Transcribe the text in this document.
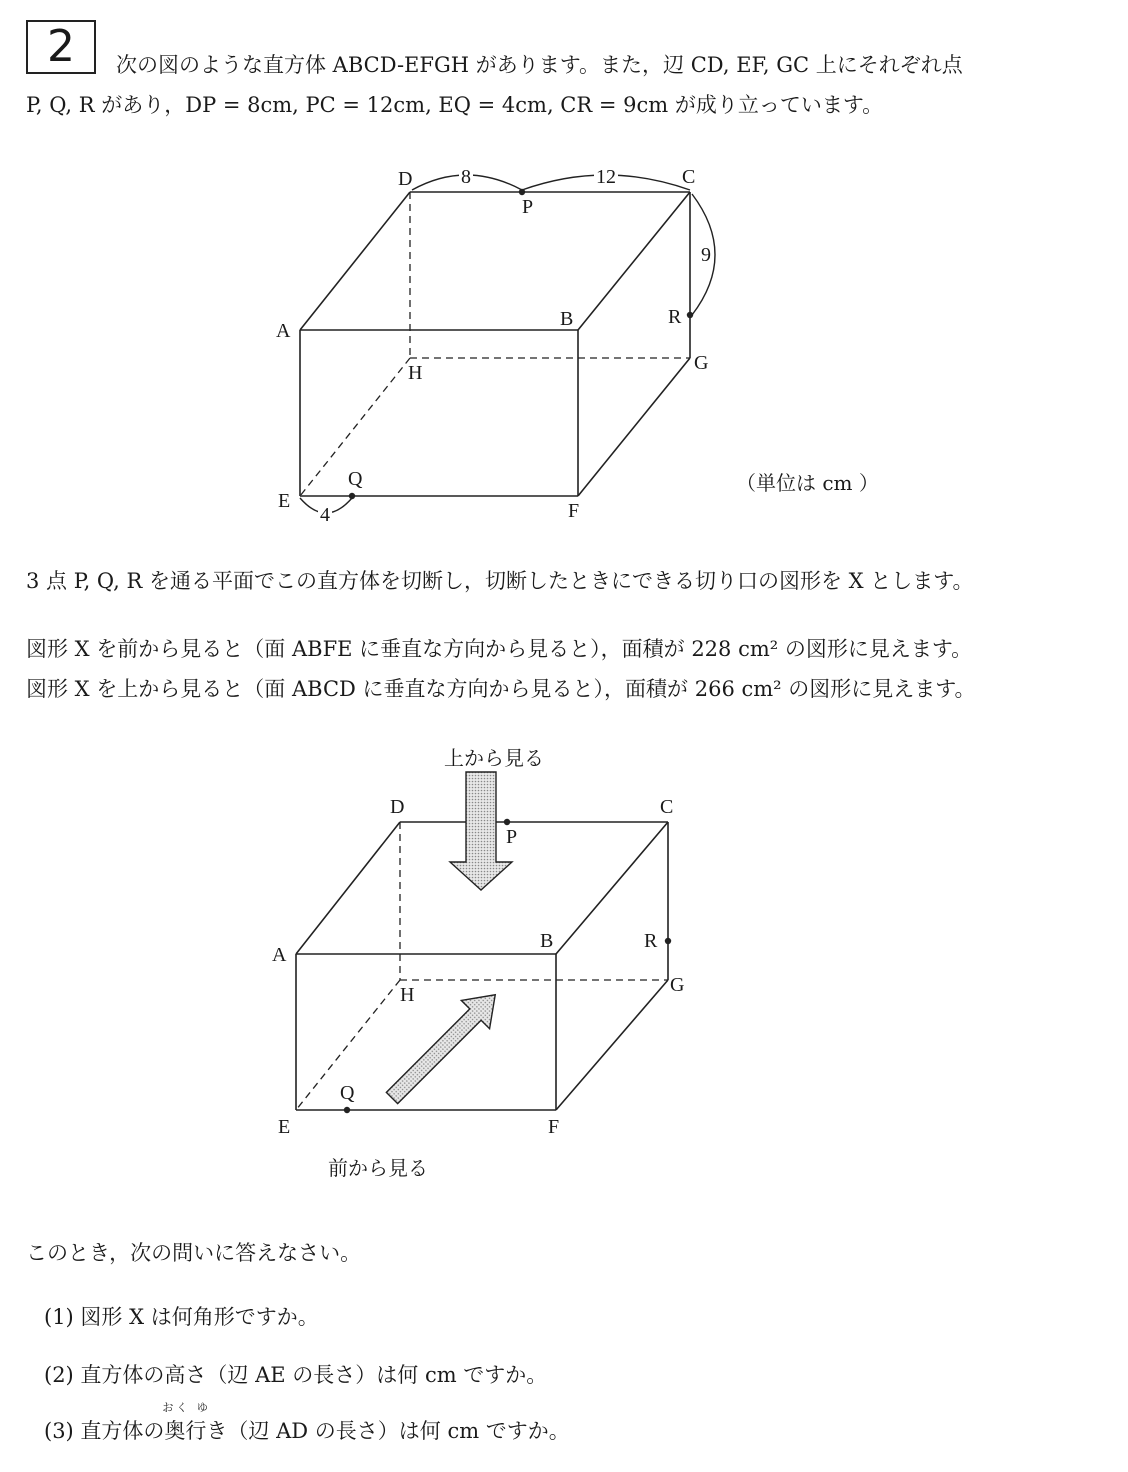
2	次の図のような直方体 ABCD-EFGH があります。また，辺 CD, EF, GC 上にそれぞれ点
P, Q, R があり，DP = 8cm, PC = 12cm, EQ = 4cm, CR = 9cm が成り立っています。
D	C
A
B
H	G
E	F
P
R
Q
8	12
9
4
（単位は cm ）
3 点 P, Q, R を通る平面でこの直方体を切断し，切断したときにできる切り口の図形を X とします。
図形 X を前から見ると（面 ABFE に垂直な方向から見ると），面積が 228 cm² の図形に見えます。
図形 X を上から見ると（面 ABCD に垂直な方向から見ると），面積が 266 cm² の図形に見えます。
上から見る
前から見る
D	C
A
B
H	G
E	F
P
R
Q
このとき，次の問いに答えなさい。
(1) 図形 X は何角形ですか。
(2) 直方体の高さ（辺 AE の長さ）は何 cm ですか。
(3) 直方体の
おく ゆ
奥行き（辺 AD の長さ）は何 cm ですか。
